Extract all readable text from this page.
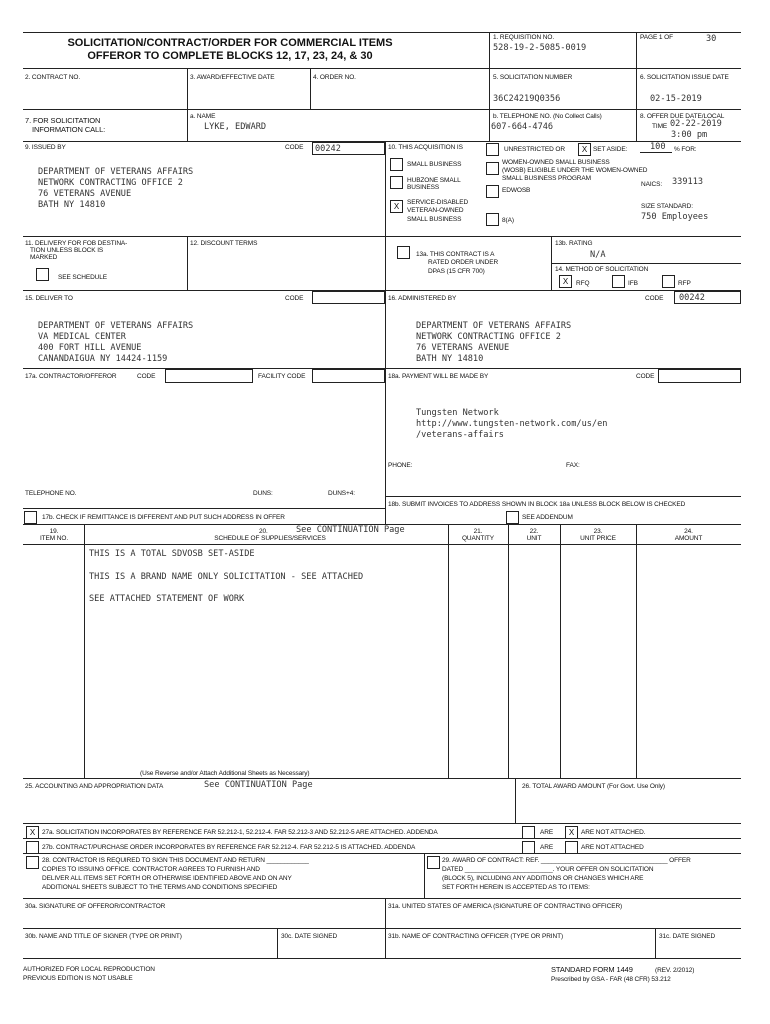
SOLICITATION/CONTRACT/ORDER FOR COMMERCIAL ITEMS
OFFEROR TO COMPLETE BLOCKS 12, 17, 23, 24, & 30
1. REQUISITION NO.
528-19-2-5085-0019
PAGE 1 OF	30
2. CONTRACT NO.	3. AWARD/EFFECTIVE DATE	4. ORDER NO.	5. SOLICITATION NUMBER
36C24219Q0356
6. SOLICITATION ISSUE DATE
02-15-2019
7. FOR SOLICITATION
INFORMATION CALL:
a. NAME
LYKE, EDWARD
b. TELEPHONE NO. (No Collect Calls)
607-664-4746
8. OFFER DUE DATE/LOCAL
TIME 02-22-2019
3:00 pm
9. ISSUED BY	CODE 00242
DEPARTMENT OF VETERANS AFFAIRS
NETWORK CONTRACTING OFFICE 2
76 VETERANS AVENUE
BATH NY 14810
10. THIS ACQUISITION IS	UNRESTRICTED OR	X SET ASIDE:	100 % FOR:
SMALL BUSINESS
HUBZONE SMALL
BUSINESS
X	SERVICE-DISABLED
VETERAN-OWNED
SMALL BUSINESS
WOMEN-OWNED SMALL BUSINESS
(WOSB) ELIGIBLE UNDER THE WOMEN-OWNED
SMALL BUSINESS PROGRAM
EDWOSB
8(A)
NAICS: 339113
SIZE STANDARD:
750 Employees
11. DELIVERY FOR FOB DESTINA-
TION UNLESS BLOCK IS
MARKED
SEE SCHEDULE
12. DISCOUNT TERMS
13a. THIS CONTRACT IS A
RATED ORDER UNDER
DPAS (15 CFR 700)
13b. RATING
N/A
14. METHOD OF SOLICITATION
X	RFQ	IFB	RFP
15. DELIVER TO	CODE
DEPARTMENT OF VETERANS AFFAIRS
VA MEDICAL CENTER
400 FORT HILL AVENUE
CANANDAIGUA NY 14424-1159
16. ADMINISTERED BY	CODE 00242
DEPARTMENT OF VETERANS AFFAIRS
NETWORK CONTRACTING OFFICE 2
76 VETERANS AVENUE
BATH NY 14810
17a. CONTRACTOR/OFFEROR	CODE	FACILITY CODE
TELEPHONE NO.	DUNS:	DUNS+4:
17b. CHECK IF REMITTANCE IS DIFFERENT AND PUT SUCH ADDRESS IN OFFER
18a. PAYMENT WILL BE MADE BY	CODE
Tungsten Network
http://www.tungsten-network.com/us/en
/veterans-affairs
PHONE:	FAX:
18b. SUBMIT INVOICES TO ADDRESS SHOWN IN BLOCK 18a UNLESS BLOCK BELOW IS CHECKED
SEE ADDENDUM
19.
ITEM NO.
20.	See CONTINUATION Page
SCHEDULE OF SUPPLIES/SERVICES
21.
QUANTITY
22.
UNIT
23.
UNIT PRICE
24.
AMOUNT
THIS IS A TOTAL SDVOSB SET-ASIDE
THIS IS A BRAND NAME ONLY SOLICITATION - SEE ATTACHED
SEE ATTACHED STATEMENT OF WORK
(Use Reverse and/or Attach Additional Sheets as Necessary)
25. ACCOUNTING AND APPROPRIATION DATA	See CONTINUATION Page	26. TOTAL AWARD AMOUNT (For Govt. Use Only)
X	27a. SOLICITATION INCORPORATES BY REFERENCE FAR 52.212-1, 52.212-4. FAR 52.212-3 AND 52.212-5 ARE ATTACHED. ADDENDA	ARE	X	ARE NOT ATTACHED.
27b. CONTRACT/PURCHASE ORDER INCORPORATES BY REFERENCE FAR 52.212-4. FAR 52.212-5 IS ATTACHED. ADDENDA	ARE	ARE NOT ATTACHED
28. CONTRACTOR IS REQUIRED TO SIGN THIS DOCUMENT AND RETURN ____________
COPIES TO ISSUING OFFICE. CONTRACTOR AGREES TO FURNISH AND
DELIVER ALL ITEMS SET FORTH OR OTHERWISE IDENTIFIED ABOVE AND ON ANY
ADDITIONAL SHEETS SUBJECT TO THE TERMS AND CONDITIONS SPECIFIED
29. AWARD OF CONTRACT: REF. ____________________________________ OFFER
DATED _________________________. YOUR OFFER ON SOLICITATION
(BLOCK 5), INCLUDING ANY ADDITIONS OR CHANGES WHICH ARE
SET FORTH HEREIN IS ACCEPTED AS TO ITEMS:
30a. SIGNATURE OF OFFEROR/CONTRACTOR	31a. UNITED STATES OF AMERICA (SIGNATURE OF CONTRACTING OFFICER)
30b. NAME AND TITLE OF SIGNER (TYPE OR PRINT)	30c. DATE SIGNED	31b. NAME OF CONTRACTING OFFICER (TYPE OR PRINT)	31c. DATE SIGNED
AUTHORIZED FOR LOCAL REPRODUCTION
PREVIOUS EDITION IS NOT USABLE
STANDARD FORM 1449	(REV. 2/2012)
Prescribed by GSA - FAR (48 CFR) 53.212
